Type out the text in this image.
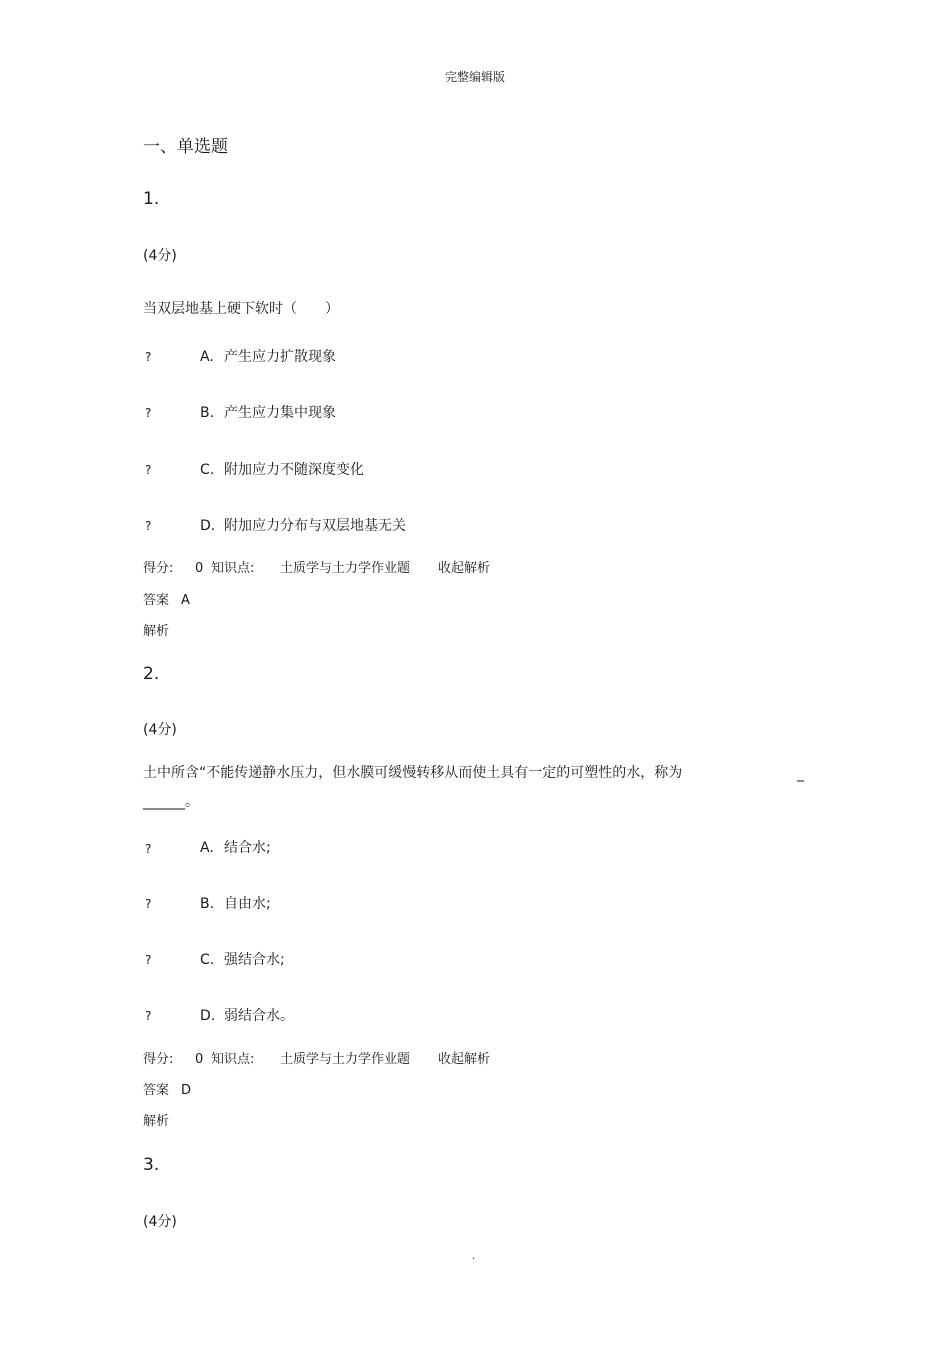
完整编辑版
一、单选题
1.
(4分)
当双层地基上硬下软时（　　）
?	A. 产生应力扩散现象
?	B. 产生应力集中现象
?	C. 附加应力不随深度变化
?	D. 附加应力分布与双层地基无关
得分: 0 知识点: 土质学与土力学作业题 收起解析
答案 A
解析
2.
(4分)
土中所含“不能传递静水压力，但水膜可缓慢转移从而使土具有一定的可塑性的水，称为	_
______。
?	A. 结合水;
?	B. 自由水;
?	C. 强结合水;
?	D. 弱结合水。
得分: 0 知识点: 土质学与土力学作业题 收起解析
答案 D
解析
3.
(4分)
.
